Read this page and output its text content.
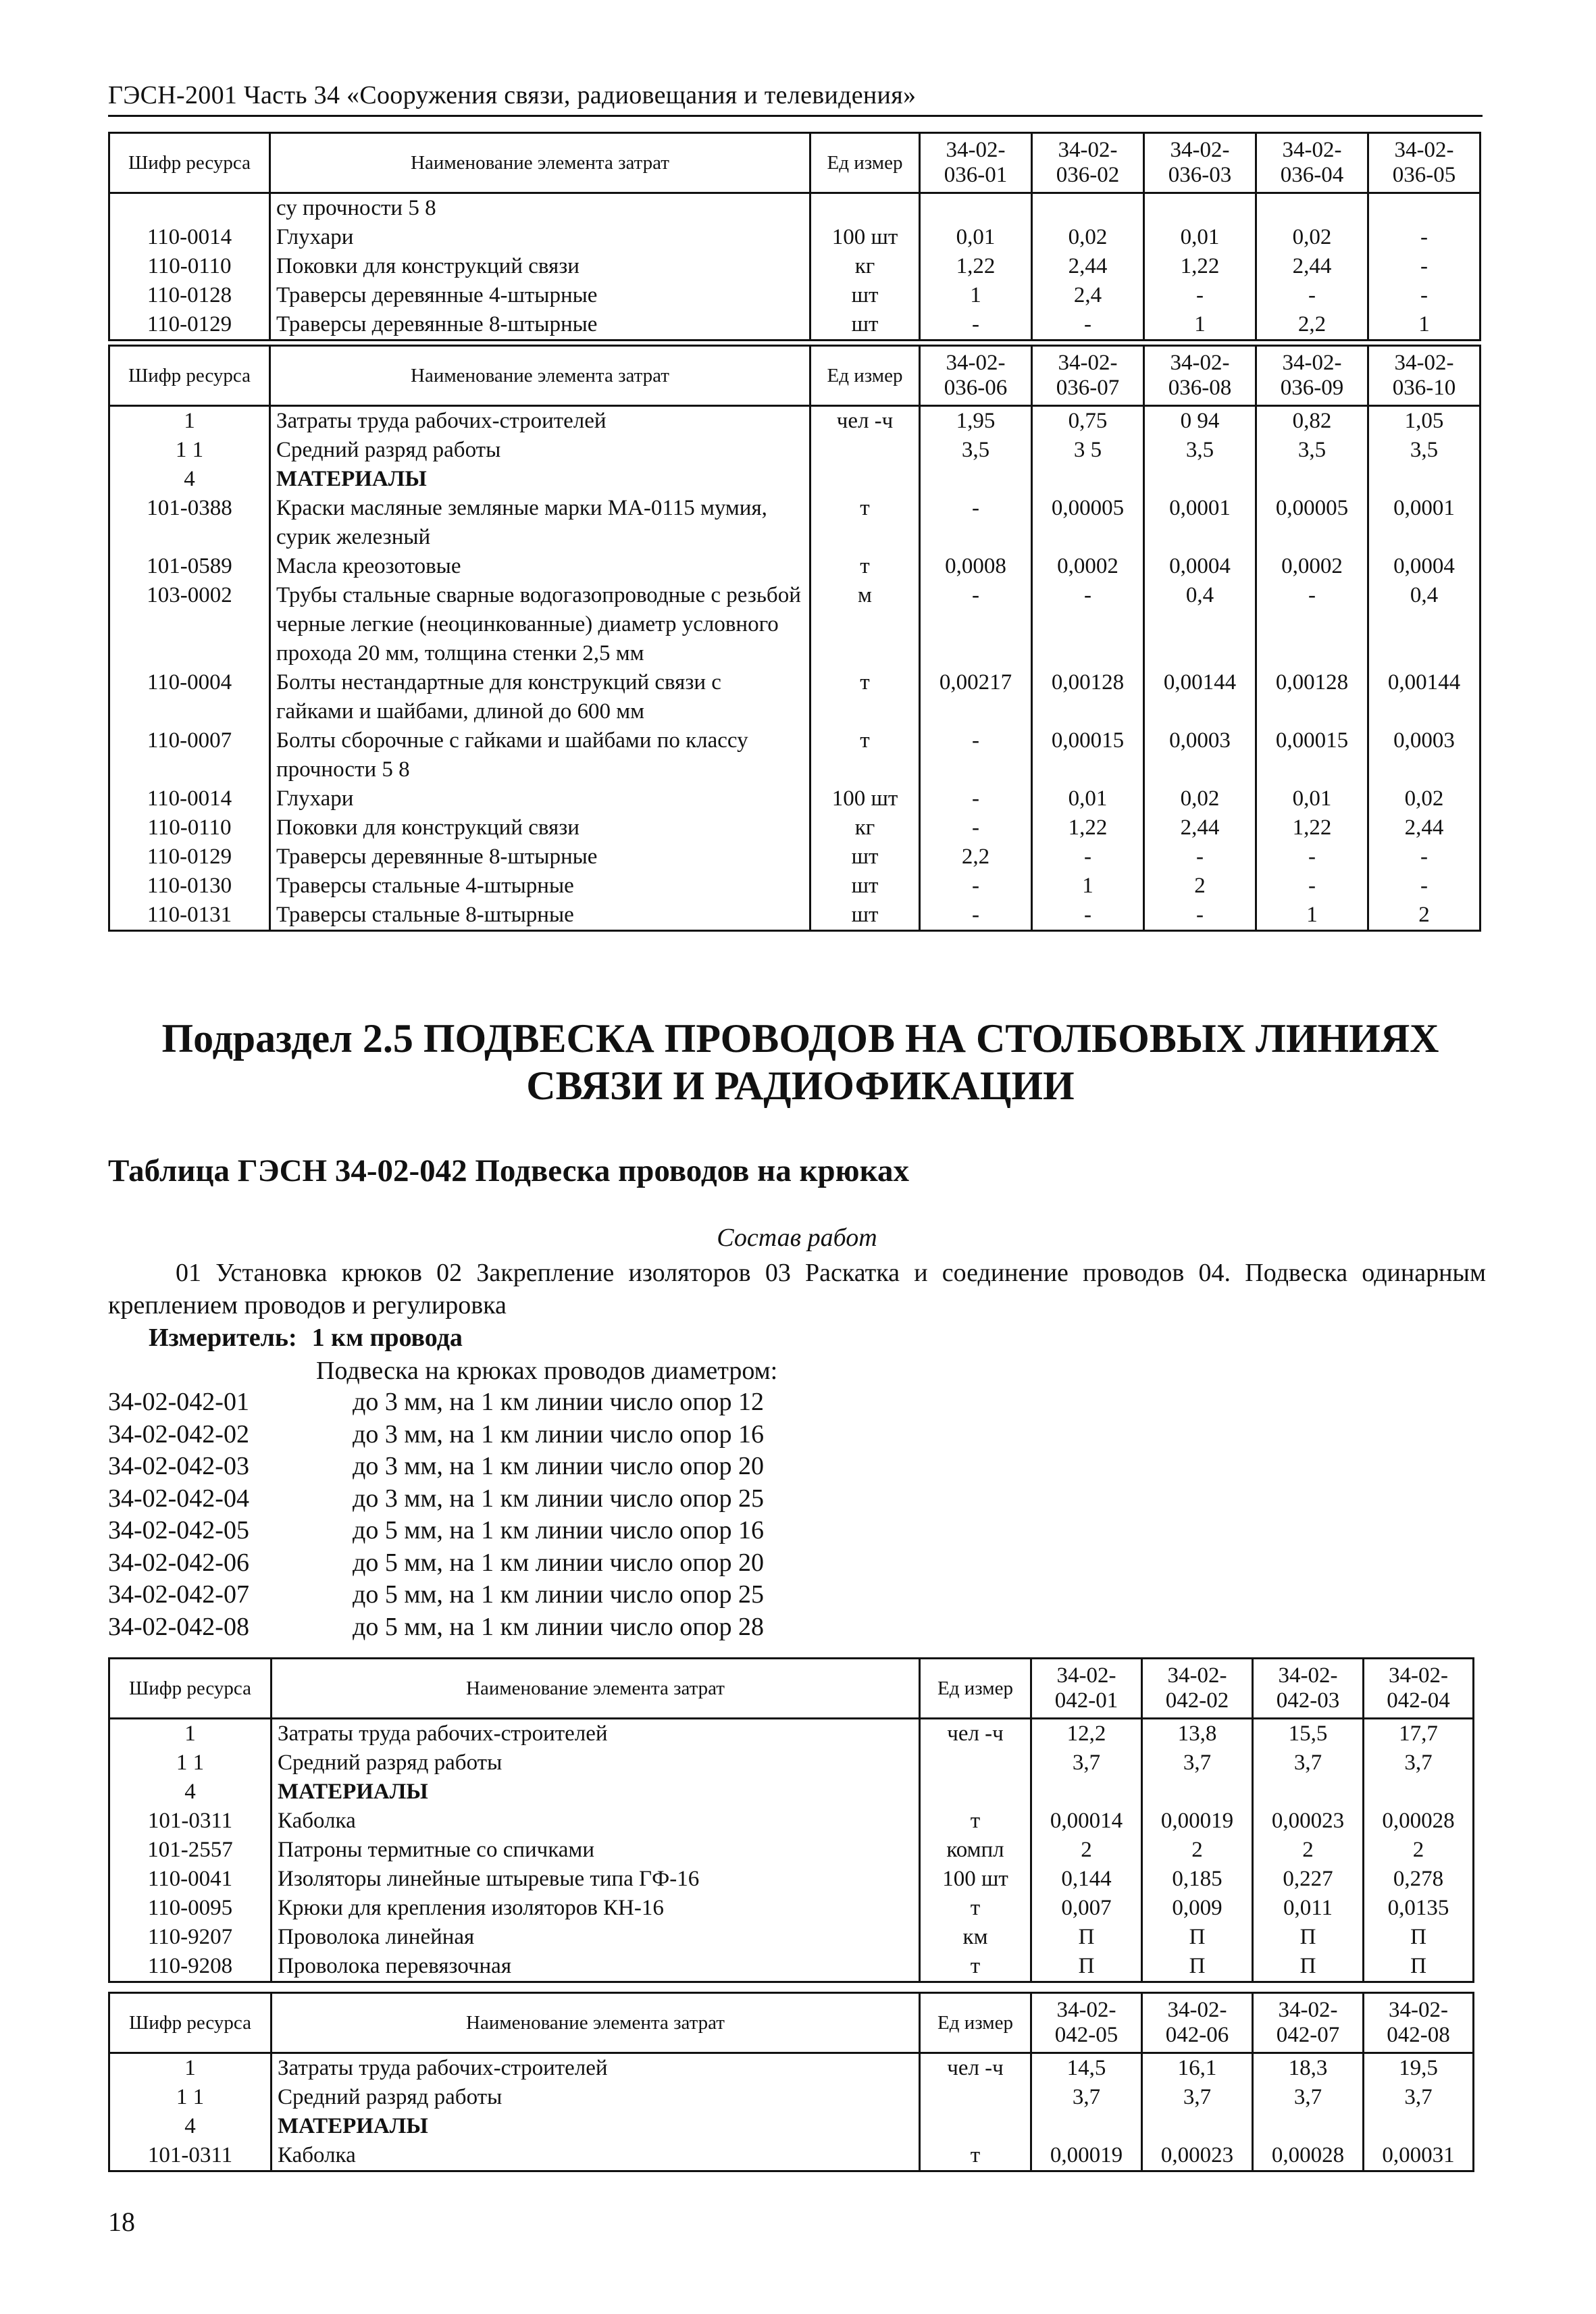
ГЭСН-2001 Часть 34 «Сооружения связи, радиовещания и телевидения»
Шифр ресурса	Наименование элемента затрат	Ед измер	34-02-036-01	34-02-036-02	34-02-036-03	34-02-036-04	34-02-036-05
	су прочности 5 8						
110-0014	Глухари	100 шт	0,01	0,02	0,01	0,02	-
110-0110	Поковки для конструкций связи	кг	1,22	2,44	1,22	2,44	-
110-0128	Траверсы деревянные 4-штырные	шт	1	2,4	-	-	-
110-0129	Траверсы деревянные 8-штырные	шт	-	-	1	2,2	1
Шифр ресурса	Наименование элемента затрат	Ед измер	34-02-036-06	34-02-036-07	34-02-036-08	34-02-036-09	34-02-036-10
1	Затраты труда рабочих-строителей	чел -ч	1,95	0,75	0 94	0,82	1,05
1 1	Средний разряд работы		3,5	3 5	3,5	3,5	3,5
4	МАТЕРИАЛЫ						
101-0388	Краски масляные земляные марки МА-0115 мумия, сурик железный	т	-	0,00005	0,0001	0,00005	0,0001
101-0589	Масла креозотовые	т	0,0008	0,0002	0,0004	0,0002	0,0004
103-0002	Трубы стальные сварные водогазопроводные с резьбой черные легкие (неоцинкованные) диаметр условного прохода 20 мм, толщина стенки 2,5 мм	м	-	-	0,4	-	0,4
110-0004	Болты нестандартные для конструкций связи с гайками и шайбами, длиной до 600 мм	т	0,00217	0,00128	0,00144	0,00128	0,00144
110-0007	Болты сборочные с гайками и шайбами по классу прочности 5 8	т	-	0,00015	0,0003	0,00015	0,0003
110-0014	Глухари	100 шт	-	0,01	0,02	0,01	0,02
110-0110	Поковки для конструкций связи	кг	-	1,22	2,44	1,22	2,44
110-0129	Траверсы деревянные 8-штырные	шт	2,2	-	-	-	-
110-0130	Траверсы стальные 4-штырные	шт	-	1	2	-	-
110-0131	Траверсы стальные 8-штырные	шт	-	-	-	1	2
Подраздел 2.5 ПОДВЕСКА ПРОВОДОВ НА СТОЛБОВЫХ ЛИНИЯХ СВЯЗИ И РАДИОФИКАЦИИ
Таблица ГЭСН 34-02-042 Подвеска проводов на крюках
Состав работ
01 Установка крюков 02 Закрепление изоляторов 03 Раскатка и соединение проводов 04. Подвеска одинарным креплением проводов и регулировка
Измеритель: 1 км провода
Подвеска на крюках проводов диаметром:
34-02-042-01	до 3 мм, на 1 км линии число опор 12
34-02-042-02	до 3 мм, на 1 км линии число опор 16
34-02-042-03	до 3 мм, на 1 км линии число опор 20
34-02-042-04	до 3 мм, на 1 км линии число опор 25
34-02-042-05	до 5 мм, на 1 км линии число опор 16
34-02-042-06	до 5 мм, на 1 км линии число опор 20
34-02-042-07	до 5 мм, на 1 км линии число опор 25
34-02-042-08	до 5 мм, на 1 км линии число опор 28
Шифр ресурса	Наименование элемента затрат	Ед измер	34-02-042-01	34-02-042-02	34-02-042-03	34-02-042-04
1	Затраты труда рабочих-строителей	чел -ч	12,2	13,8	15,5	17,7
1 1	Средний разряд работы		3,7	3,7	3,7	3,7
4	МАТЕРИАЛЫ					
101-0311	Каболка	т	0,00014	0,00019	0,00023	0,00028
101-2557	Патроны термитные со спичками	компл	2	2	2	2
110-0041	Изоляторы линейные штыревые типа ГФ-16	100 шт	0,144	0,185	0,227	0,278
110-0095	Крюки для крепления изоляторов КН-16	т	0,007	0,009	0,011	0,0135
110-9207	Проволока линейная	км	П	П	П	П
110-9208	Проволока перевязочная	т	П	П	П	П
Шифр ресурса	Наименование элемента затрат	Ед измер	34-02-042-05	34-02-042-06	34-02-042-07	34-02-042-08
1	Затраты труда рабочих-строителей	чел -ч	14,5	16,1	18,3	19,5
1 1	Средний разряд работы		3,7	3,7	3,7	3,7
4	МАТЕРИАЛЫ					
101-0311	Каболка	т	0,00019	0,00023	0,00028	0,00031
18
